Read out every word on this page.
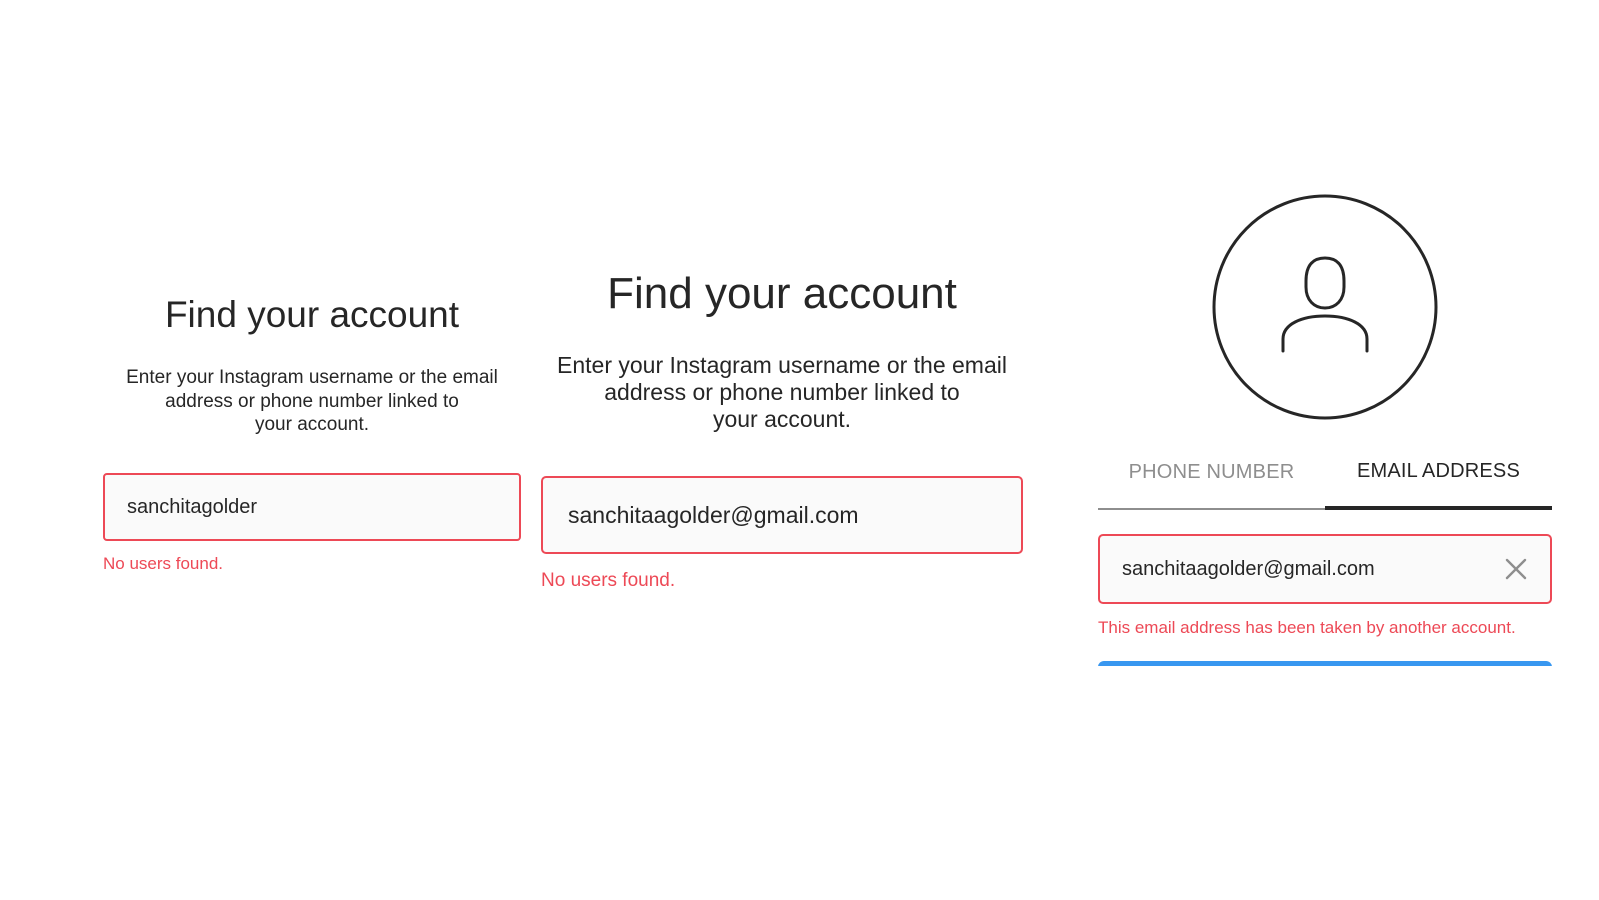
Find your account

Enter your Instagram username or the email
address or phone number linked to
your account.

sanchitagolder
No users found.
Find your account

Enter your Instagram username or the email
address or phone number linked to
your account.

sanchitaagolder@gmail.com
No users found.
PHONE NUMBER	EMAIL ADDRESS
sanchitaagolder@gmail.com
This email address has been taken by another account.
